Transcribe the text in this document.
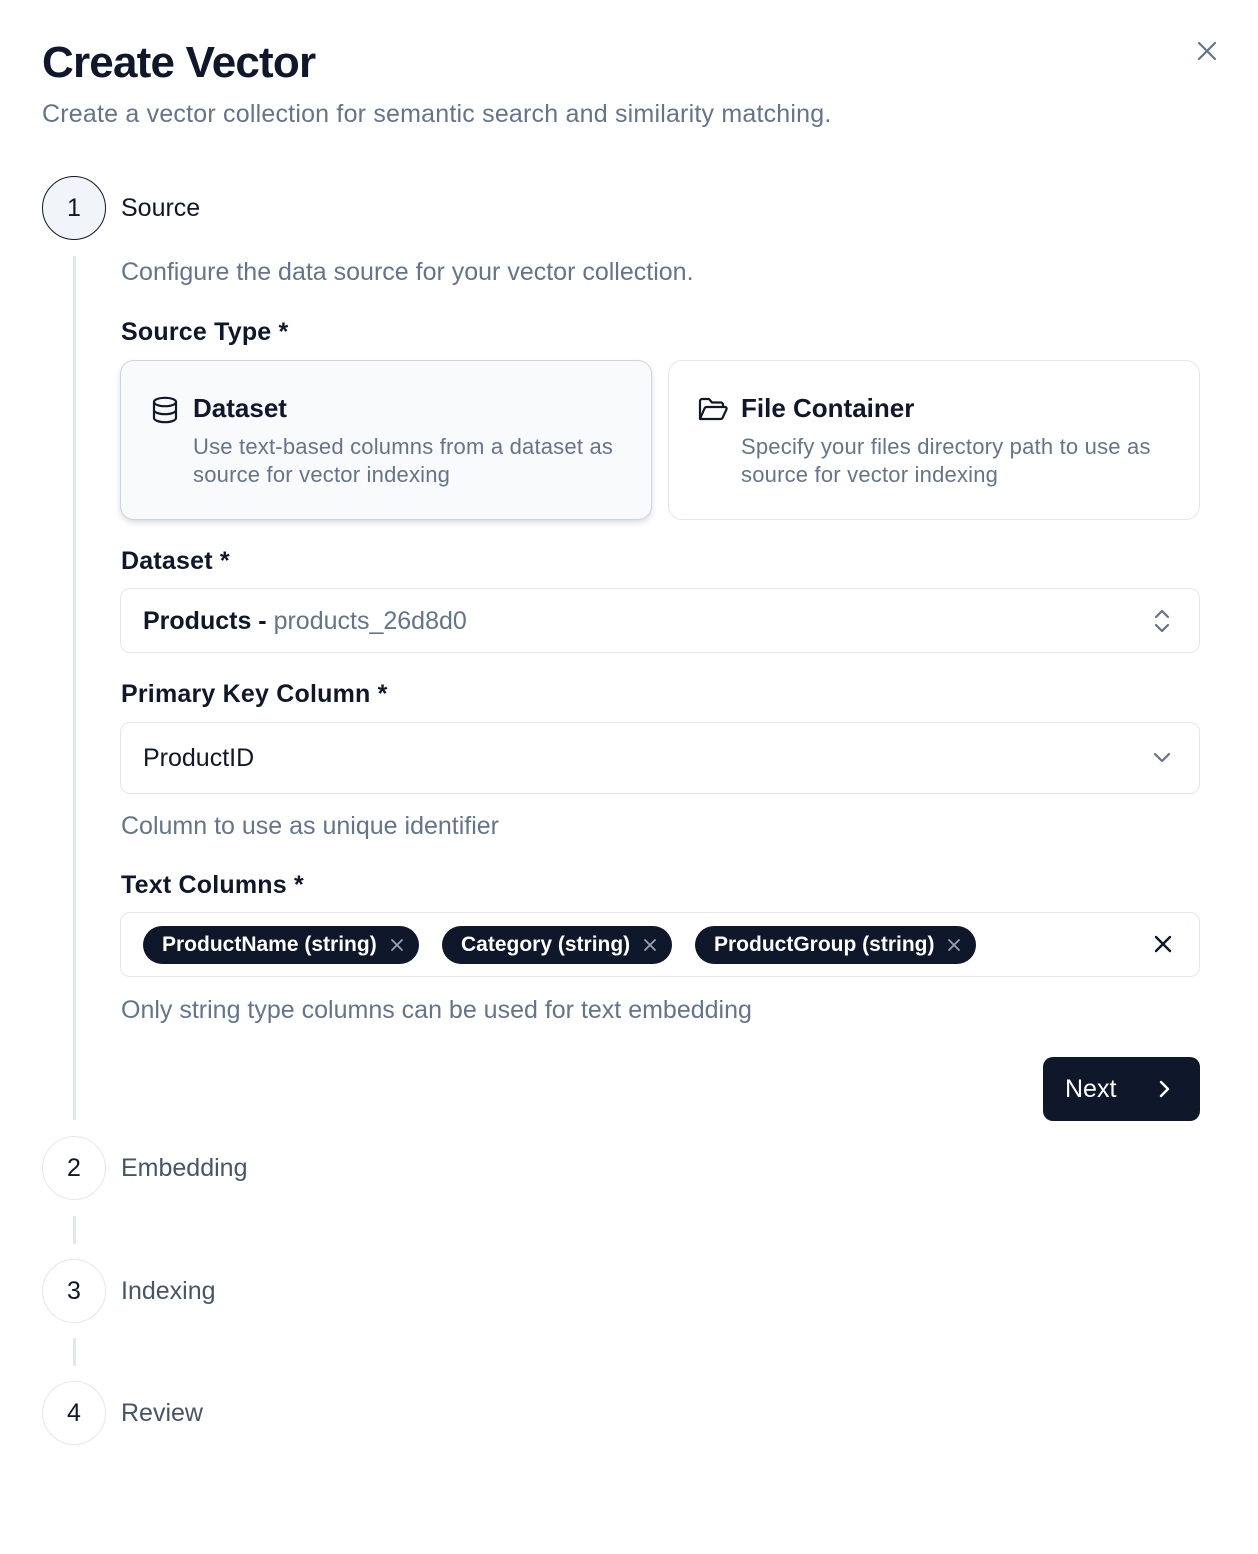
Create Vector
Create a vector collection for semantic search and similarity matching.
1	Source
Configure the data source for your vector collection.
Source Type *
Dataset
Use text-based columns from a dataset as source for vector indexing
File Container
Specify your files directory path to use as source for vector indexing
Dataset *
Products - products_26d8d0
Primary Key Column *
ProductID
Column to use as unique identifier
Text Columns *
ProductName (string)	Category (string)	ProductGroup (string)
Only string type columns can be used for text embedding
Next
2	Embedding
3	Indexing
4	Review
